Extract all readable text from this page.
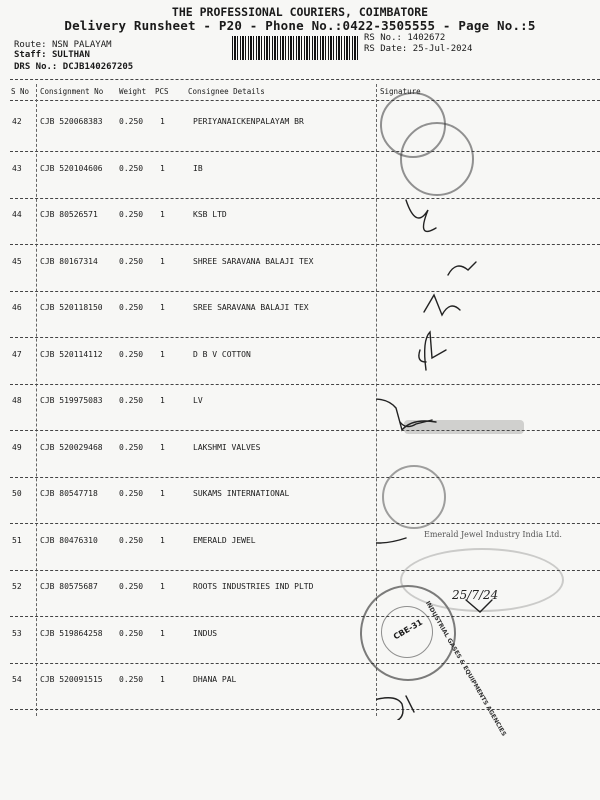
THE PROFESSIONAL COURIERS, COIMBATORE
Delivery Runsheet - P20 - Phone No.:0422-3505555 - Page No.:5
Route: NSN PALAYAM
Staff: SULTHAN
DRS No.: DCJB140267205
RS No.: 1402672
RS Date: 25-Jul-2024
S No Consignment No Weight PCS	Consignee Details	Signature
42 CJB 520068383 0.250 1	PERIYANAICKENPALAYAM BR
43 CJB 520104606 0.250 1	IB
44 CJB 80526571	0.250 1	KSB LTD
45 CJB 80167314	0.250 1	SHREE SARAVANA BALAJI TEX
46 CJB 520118150 0.250 1	SREE SARAVANA BALAJI TEX
47 CJB 520114112 0.250 1	D B V COTTON
48 CJB 519975083 0.250 1	LV
49 CJB 520029468 0.250 1	LAKSHMI VALVES
50 CJB 80547718	0.250 1	SUKAMS INTERNATIONAL
51 CJB 80476310	0.250 1	EMERALD JEWEL
52 CJB 80575687	0.250 1	ROOTS INDUSTRIES IND PLTD
53 CJB 519864258 0.250 1	INDUS
54 CJB 520091515 0.250 1	DHANA PAL
Emerald Jewel Industry India Ltd.
25/7/24
CBE-31 INDUSTRIAL GASES & EQUIPMENTS AGENCIES
